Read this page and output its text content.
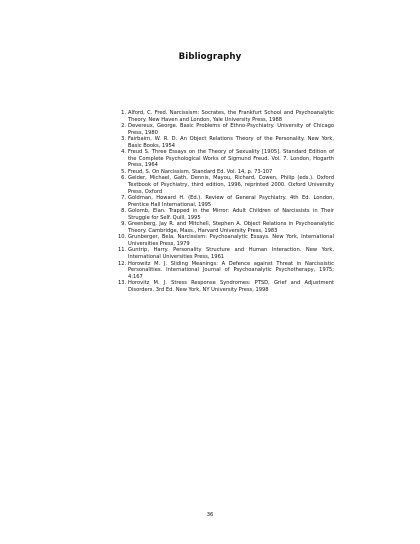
Bibliography
1. Alford, C. Fred. Narcissism: Socrates, the Frankfurt School and Psychoanalytic Theory. New Haven and London, Yale University Press, 1988
2. Devereux, George. Basic Problems of Ethno-Psychiatry. University of Chicago Press, 1980
3. Fairbairn, W. R. D. An Object Relations Theory of the Personality. New York, Basic Books, 1954
4. Freud S. Three Essays on the Theory of Sexuality [1905]. Standard Edition of the Complete Psychological Works of Sigmund Freud. Vol. 7. London, Hogarth Press, 1964
5. Freud, S. On Narcissism. Standard Ed. Vol. 14, p. 73-107
6. Gelder, Michael, Gath, Dennis, Mayou, Richard, Cowen, Philip (eds.). Oxford Textbook of Psychiatry, third edition, 1996, reprinted 2000. Oxford University Press, Oxford
7. Goldman, Howard H. (Ed.). Review of General Psychiatry. 4th Ed. London, Prentice Hall International, 1995
8. Golomb, Elan. Trapped in the Mirror: Adult Children of Narcissists in Their Struggle for Self. Quill, 1995
9. Greenberg, Jay R. and Mitchell, Stephen A. Object Relations in Psychoanalytic Theory. Cambridge, Mass., Harvard University Press, 1983
10. Grunberger, Bela. Narcissism: Psychoanalytic Essays. New York, International Universities Press, 1979
11. Guntrip, Harry. Personality Structure and Human Interaction. New York, International Universities Press, 1961
12. Horowitz M. J. Sliding Meanings: A Defence against Threat in Narcissistic Personalities. International Journal of Psychoanalytic Psychotherapy, 1975; 4:167
13. Horovitz M. J. Stress Response Syndromes: PTSD, Grief and Adjustment Disorders. 3rd Ed. New York, NY University Press, 1998
36
